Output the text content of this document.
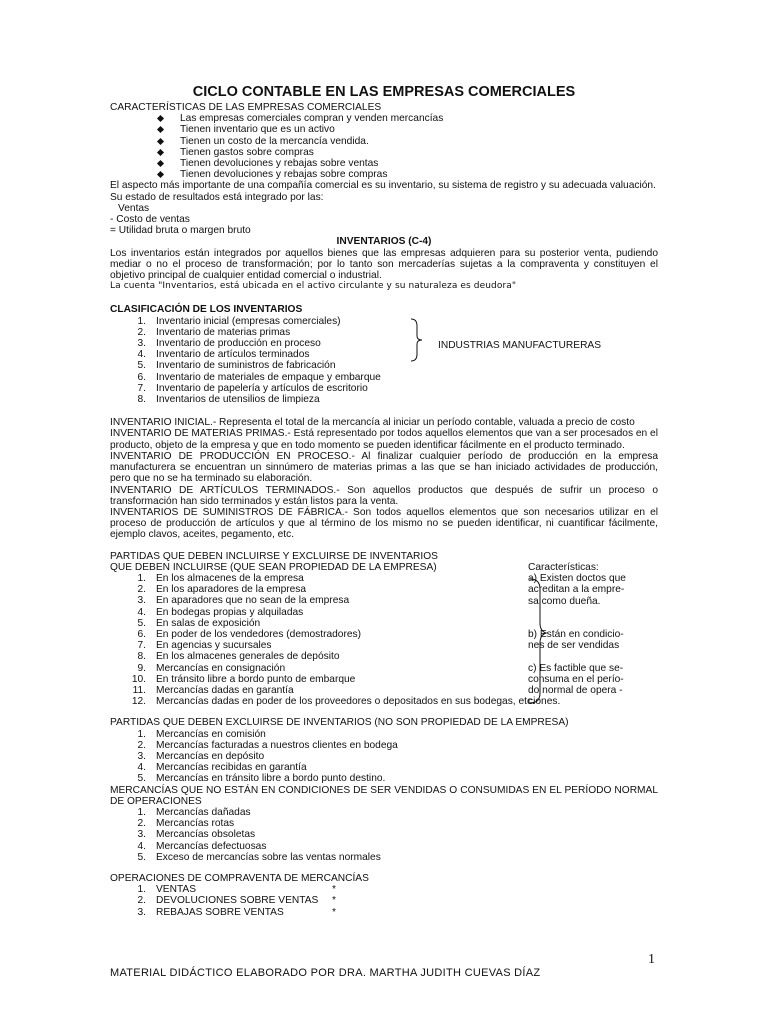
CICLO CONTABLE EN LAS EMPRESAS COMERCIALES
CARACTERÍSTICAS DE LAS EMPRESAS COMERCIALES
Las empresas comerciales compran y venden mercancías
Tienen inventario que es un activo
Tienen un costo de la mercancía vendida.
Tienen gastos sobre compras
Tienen devoluciones y rebajas sobre ventas
Tienen devoluciones y rebajas sobre compras
El aspecto más importante de una compañía comercial es su inventario, su sistema de registro y su adecuada valuación.
Su estado de resultados está integrado por las:
Ventas
- Costo de ventas
= Utilidad bruta o margen bruto
INVENTARIOS (C-4)
Los inventarios están integrados por aquellos bienes que las empresas adquieren para su posterior venta, pudiendo mediar o no el proceso de transformación; por lo tanto son mercaderías sujetas a la compraventa y constituyen el objetivo principal de cualquier entidad comercial o industrial.
La cuenta "Inventarios, está ubicada en el activo circulante y su naturaleza es deudora"
CLASIFICACIÓN DE LOS INVENTARIOS
1. Inventario inicial (empresas comerciales)
2. Inventario de materias primas
3. Inventario de producción en proceso
4. Inventario de artículos terminados
5. Inventario de suministros de fabricación
6. Inventario de materiales de empaque y embarque
7. Inventario de papelería y artículos de escritorio
8. Inventarios de utensilios de limpieza
INDUSTRIAS MANUFACTURERAS
INVENTARIO INICIAL.- Representa el total de la mercancía al iniciar un período contable, valuada a precio de costo
INVENTARIO DE MATERIAS PRIMAS.- Está representado por todos aquellos elementos que van a ser procesados en el producto, objeto de la empresa y que en todo momento se pueden identificar fácilmente en el producto terminado.
INVENTARIO DE PRODUCCIÓN EN PROCESO.- Al finalizar cualquier período de producción en la empresa manufacturera se encuentran un sinnúmero de materias primas a las que se han iniciado actividades de producción, pero que no se ha terminado su elaboración.
INVENTARIO DE ARTÍCULOS TERMINADOS.- Son aquellos productos que después de sufrir un proceso o transformación han sido terminados y están listos para la venta.
INVENTARIOS DE SUMINISTROS DE FÁBRICA.- Son todos aquellos elementos que son necesarios utilizar en el proceso de producción de artículos y que al término de los mismo no se pueden identificar, ni cuantificar fácilmente, ejemplo clavos, aceites, pegamento, etc.
PARTIDAS QUE DEBEN INCLUIRSE Y EXCLUIRSE DE INVENTARIOS
QUE DEBEN INCLUIRSE (QUE SEAN PROPIEDAD DE LA EMPRESA)
1. En los almacenes de la empresa
2. En los aparadores de la empresa
3. En aparadores que no sean de la empresa
4. En bodegas propias y alquiladas
5. En salas de exposición
6. En poder de los vendedores (demostradores)
7. En agencias y sucursales
8. En los almacenes generales de depósito
9. Mercancías en consignación
10. En tránsito libre a bordo punto de embarque
11. Mercancías dadas en garantía
12. Mercancías dadas en poder de los proveedores o depositados en sus bodegas, etc.
Características:
a) Existen doctos que
acreditan a la empre-
sa como dueña.
b) Están en condicio-
nes de ser vendidas
c) Es factible que se-
consuma en el perío-
do normal de opera -
ciones.
PARTIDAS QUE DEBEN EXCLUIRSE DE INVENTARIOS (NO SON PROPIEDAD DE LA EMPRESA)
1. Mercancías en comisión
2. Mercancías facturadas a nuestros clientes en bodega
3. Mercancías en depósito
4. Mercancías recibidas en garantía
5. Mercancías en tránsito libre a bordo punto destino.
MERCANCÍAS QUE NO ESTÁN EN CONDICIONES DE SER VENDIDAS O CONSUMIDAS EN EL PERÍODO NORMAL DE OPERACIONES
1. Mercancías dañadas
2. Mercancías rotas
3. Mercancías obsoletas
4. Mercancías defectuosas
5. Exceso de mercancías sobre las ventas normales
OPERACIONES DE COMPRAVENTA DE MERCANCÍAS
1. VENTAS	*
2. DEVOLUCIONES SOBRE VENTAS *
3. REBAJAS SOBRE VENTAS	*
1
MATERIAL DIDÁCTICO ELABORADO POR DRA. MARTHA JUDITH CUEVAS DÍAZ
